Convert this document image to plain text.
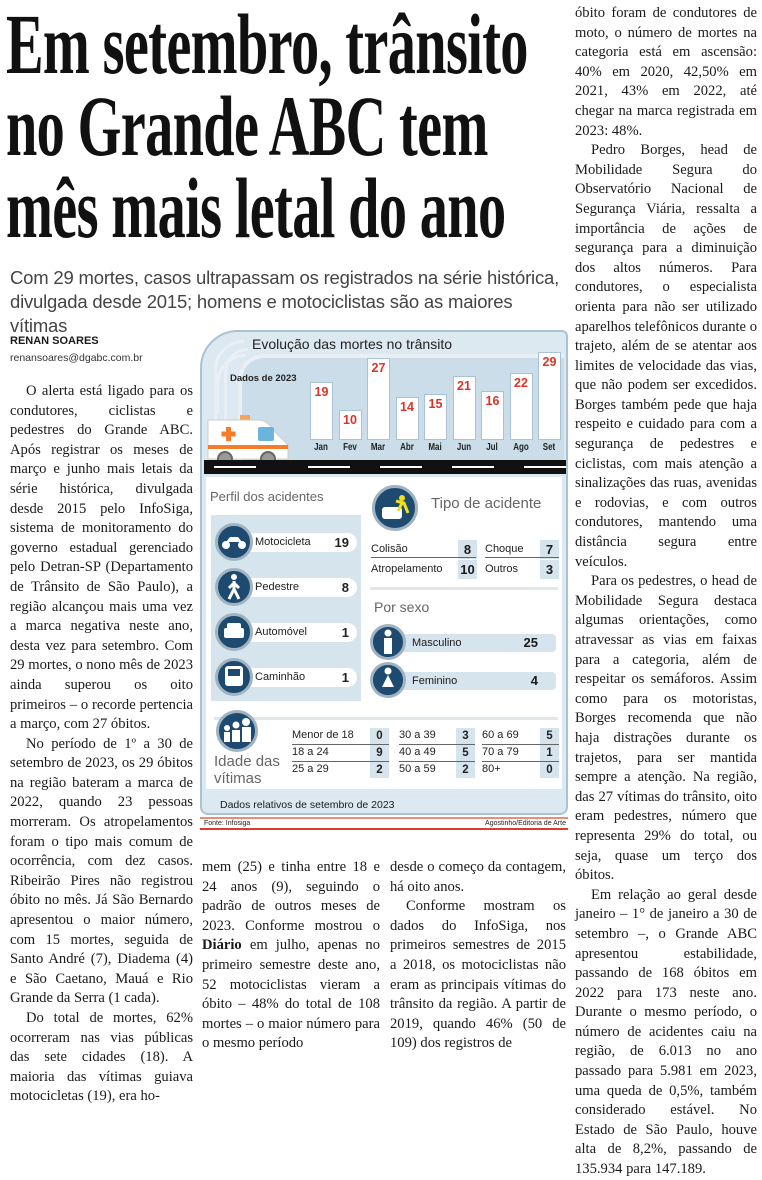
Em setembro, trânsito
no Grande ABC tem
mês mais letal do ano
Com 29 mortes, casos ultrapassam os registrados na série histórica, divulgada desde 2015; homens e motociclistas são as maiores vítimas
RENAN SOARES
renansoares@dgabc.com.br

O alerta está ligado para os condutores, ciclistas e pedestres do Grande ABC. Após registrar os meses de março e junho mais letais da série histórica, divulgada desde 2015 pelo InfoSiga, sistema de monitoramento do governo estadual gerenciado pelo Detran-SP (Departamento de Trânsito de São Paulo), a região alcançou mais uma vez a marca negativa neste ano, desta vez para setembro. Com 29 mortes, o nono mês de 2023 ainda superou os oito primeiros – o recorde pertencia a março, com 27 óbitos.

No período de 1º a 30 de setembro de 2023, os 29 óbitos na região bateram a marca de 2022, quando 23 pessoas morreram. Os atropelamentos foram o tipo mais comum de ocorrência, com dez casos. Ribeirão Pires não registrou óbito no mês. Já São Bernardo apresentou o maior número, com 15 mortes, seguida de Santo André (7), Diadema (4) e São Caetano, Mauá e Rio Grande da Serra (1 cada).

Do total de mortes, 62% ocorreram nas vias públicas das sete cidades (18). A maioria das vítimas guiava motocicletas (19), era ho-

mem (25) e tinha entre 18 e 24 anos (9), seguindo o padrão de outros meses de 2023. Conforme mostrou o Diário em julho, apenas no primeiro semestre deste ano, 52 motociclistas vieram a óbito – 48% do total de 108 mortes – o maior número para o mesmo período

desde o começo da contagem, há oito anos.

Conforme mostram os dados do InfoSiga, nos primeiros semestres de 2015 a 2018, os motociclistas não eram as principais vítimas do trânsito da região. A partir de 2019, quando 46% (50 de 109) dos registros de

óbito foram de condutores de moto, o número de mortes na categoria está em ascensão: 40% em 2020, 42,50% em 2021, 43% em 2022, até chegar na marca registrada em 2023: 48%.

Pedro Borges, head de Mobilidade Segura do Observatório Nacional de Segurança Viária, ressalta a importância de ações de segurança para a diminuição dos altos números. Para condutores, o especialista orienta para não ser utilizado aparelhos telefônicos durante o trajeto, além de se atentar aos limites de velocidade das vias, que não podem ser excedidos. Borges também pede que haja respeito e cuidado para com a segurança de pedestres e ciclistas, com mais atenção a sinalizações das ruas, avenidas e rodovias, e com outros condutores, mantendo uma distância segura entre veículos.

Para os pedestres, o head de Mobilidade Segura destaca algumas orientações, como atravessar as vias em faixas para a categoria, além de respeitar os semáforos. Assim como para os motoristas, Borges recomenda que não haja distrações durante os trajetos, para ser mantida sempre a atenção. Na região, das 27 vítimas do trânsito, oito eram pedestres, número que representa 29% do total, ou seja, quase um terço dos óbitos.

Em relação ao geral desde janeiro – 1° de janeiro a 30 de setembro –, o Grande ABC apresentou estabilidade, passando de 168 óbitos em 2022 para 173 neste ano. Durante o mesmo período, o número de acidentes caiu na região, de 6.013 no ano passado para 5.981 em 2023, uma queda de 0,5%, também considerado estável. No Estado de São Paulo, houve alta de 8,2%, passando de 135.934 para 147.189.

Evolução das mortes no trânsito
Dados de 2023
19
Jan
10
Fev
27
Mar
14
Abr
15
Mai
21
Jun
16
Jul
22
Ago
29
Set
Perfil dos acidentes
Motocicleta 19
Pedestre	8
Automóvel	1
Caminhão	1
Tipo de acidente
Colisão	8	Choque	7
Atropelamento 10 Outros	3
Por sexo
Masculino	25
Feminino	4
Idade das vítimas
Menor de 18	0
18 a 24	9
25 a 29	2
30 a 39	3
40 a 49	5
50 a 59	2
60 a 69	5
70 a 79	1
80+	0
Dados relativos de setembro de 2023
Fonte: Infosiga	Agostinho/Editoria de Arte
